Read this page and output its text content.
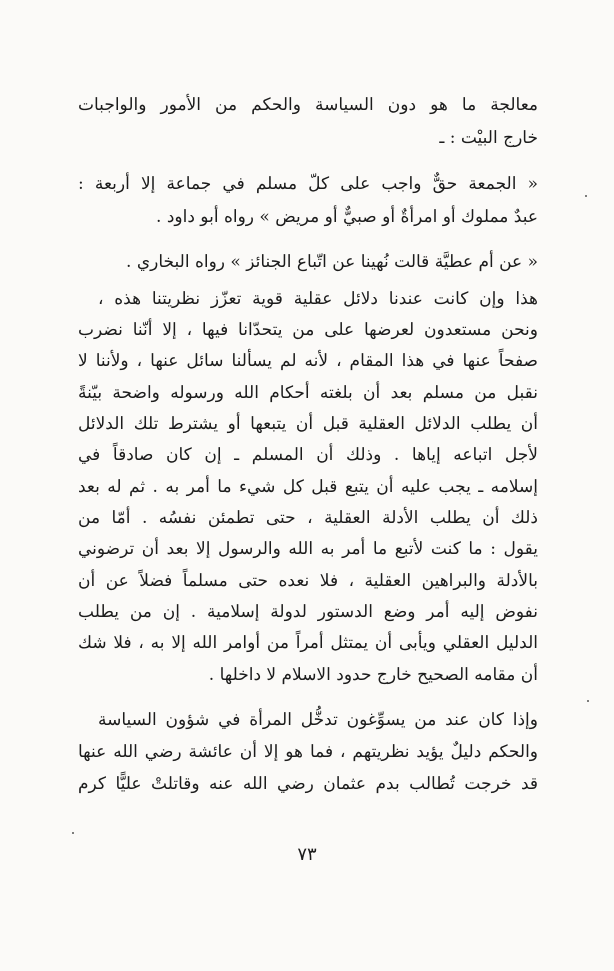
معالجة ما هو دون السياسة والحكم من الأمور والواجبات
خارج البيْت : ـ
« الجمعة حقٌّ واجب على كلّ مسلم في جماعة إلا أربعة :
عبدٌ مملوك أو امرأةٌ أو صبيٌّ أو مريض » رواه أبو داود .
« عن أم عطيَّة قالت نُهينا عن اتّباع الجنائز » رواه البخاري .
هذا وإن كانت عندنا دلائل عقلية قوية تعزّز نظريتنا هذه ،
ونحن مستعدون لعرضها على من يتحدّانا فيها ، إلا أنّنا نضرب
صفحاً عنها في هذا المقام ، لأنه لم يسألنا سائل عنها ، ولأننا لا
نقبل من مسلم بعد أن بلغته أحكام الله ورسوله واضحة بيّنةً
أن يطلب الدلائل العقلية قبل أن يتبعها أو يشترط تلك الدلائل
لأجل اتباعه إياها . وذلك أن المسلم ـ إن كان صادقاً في
إسلامه ـ يجب عليه أن يتبع قبل كل شيء ما أمر به . ثم له بعد
ذلك أن يطلب الأدلة العقلية ، حتى تطمئن نفسُه . أمّا من
يقول : ما كنت لأتبع ما أمر به الله والرسول إلا بعد أن ترضوني
بالأدلة والبراهين العقلية ، فلا نعده حتى مسلماً فضلاً عن أن
نفوض إليه أمر وضع الدستور لدولة إسلامية . إن من يطلب
الدليل العقلي ويأبى أن يمتثل أمراً من أوامر الله إلا به ، فلا شك
أن مقامه الصحيح خارج حدود الاسلام لا داخلها .
وإذا كان عند من يسوِّغون تدخُّل المرأة في شؤون السياسة
والحكم دليلٌ يؤيد نظريتهم ، فما هو إلا أن عائشة رضي الله عنها
قد خرجت تُطالب بدم عثمان رضي الله عنه وقاتلتْ عليًّا كرم
٧٣
